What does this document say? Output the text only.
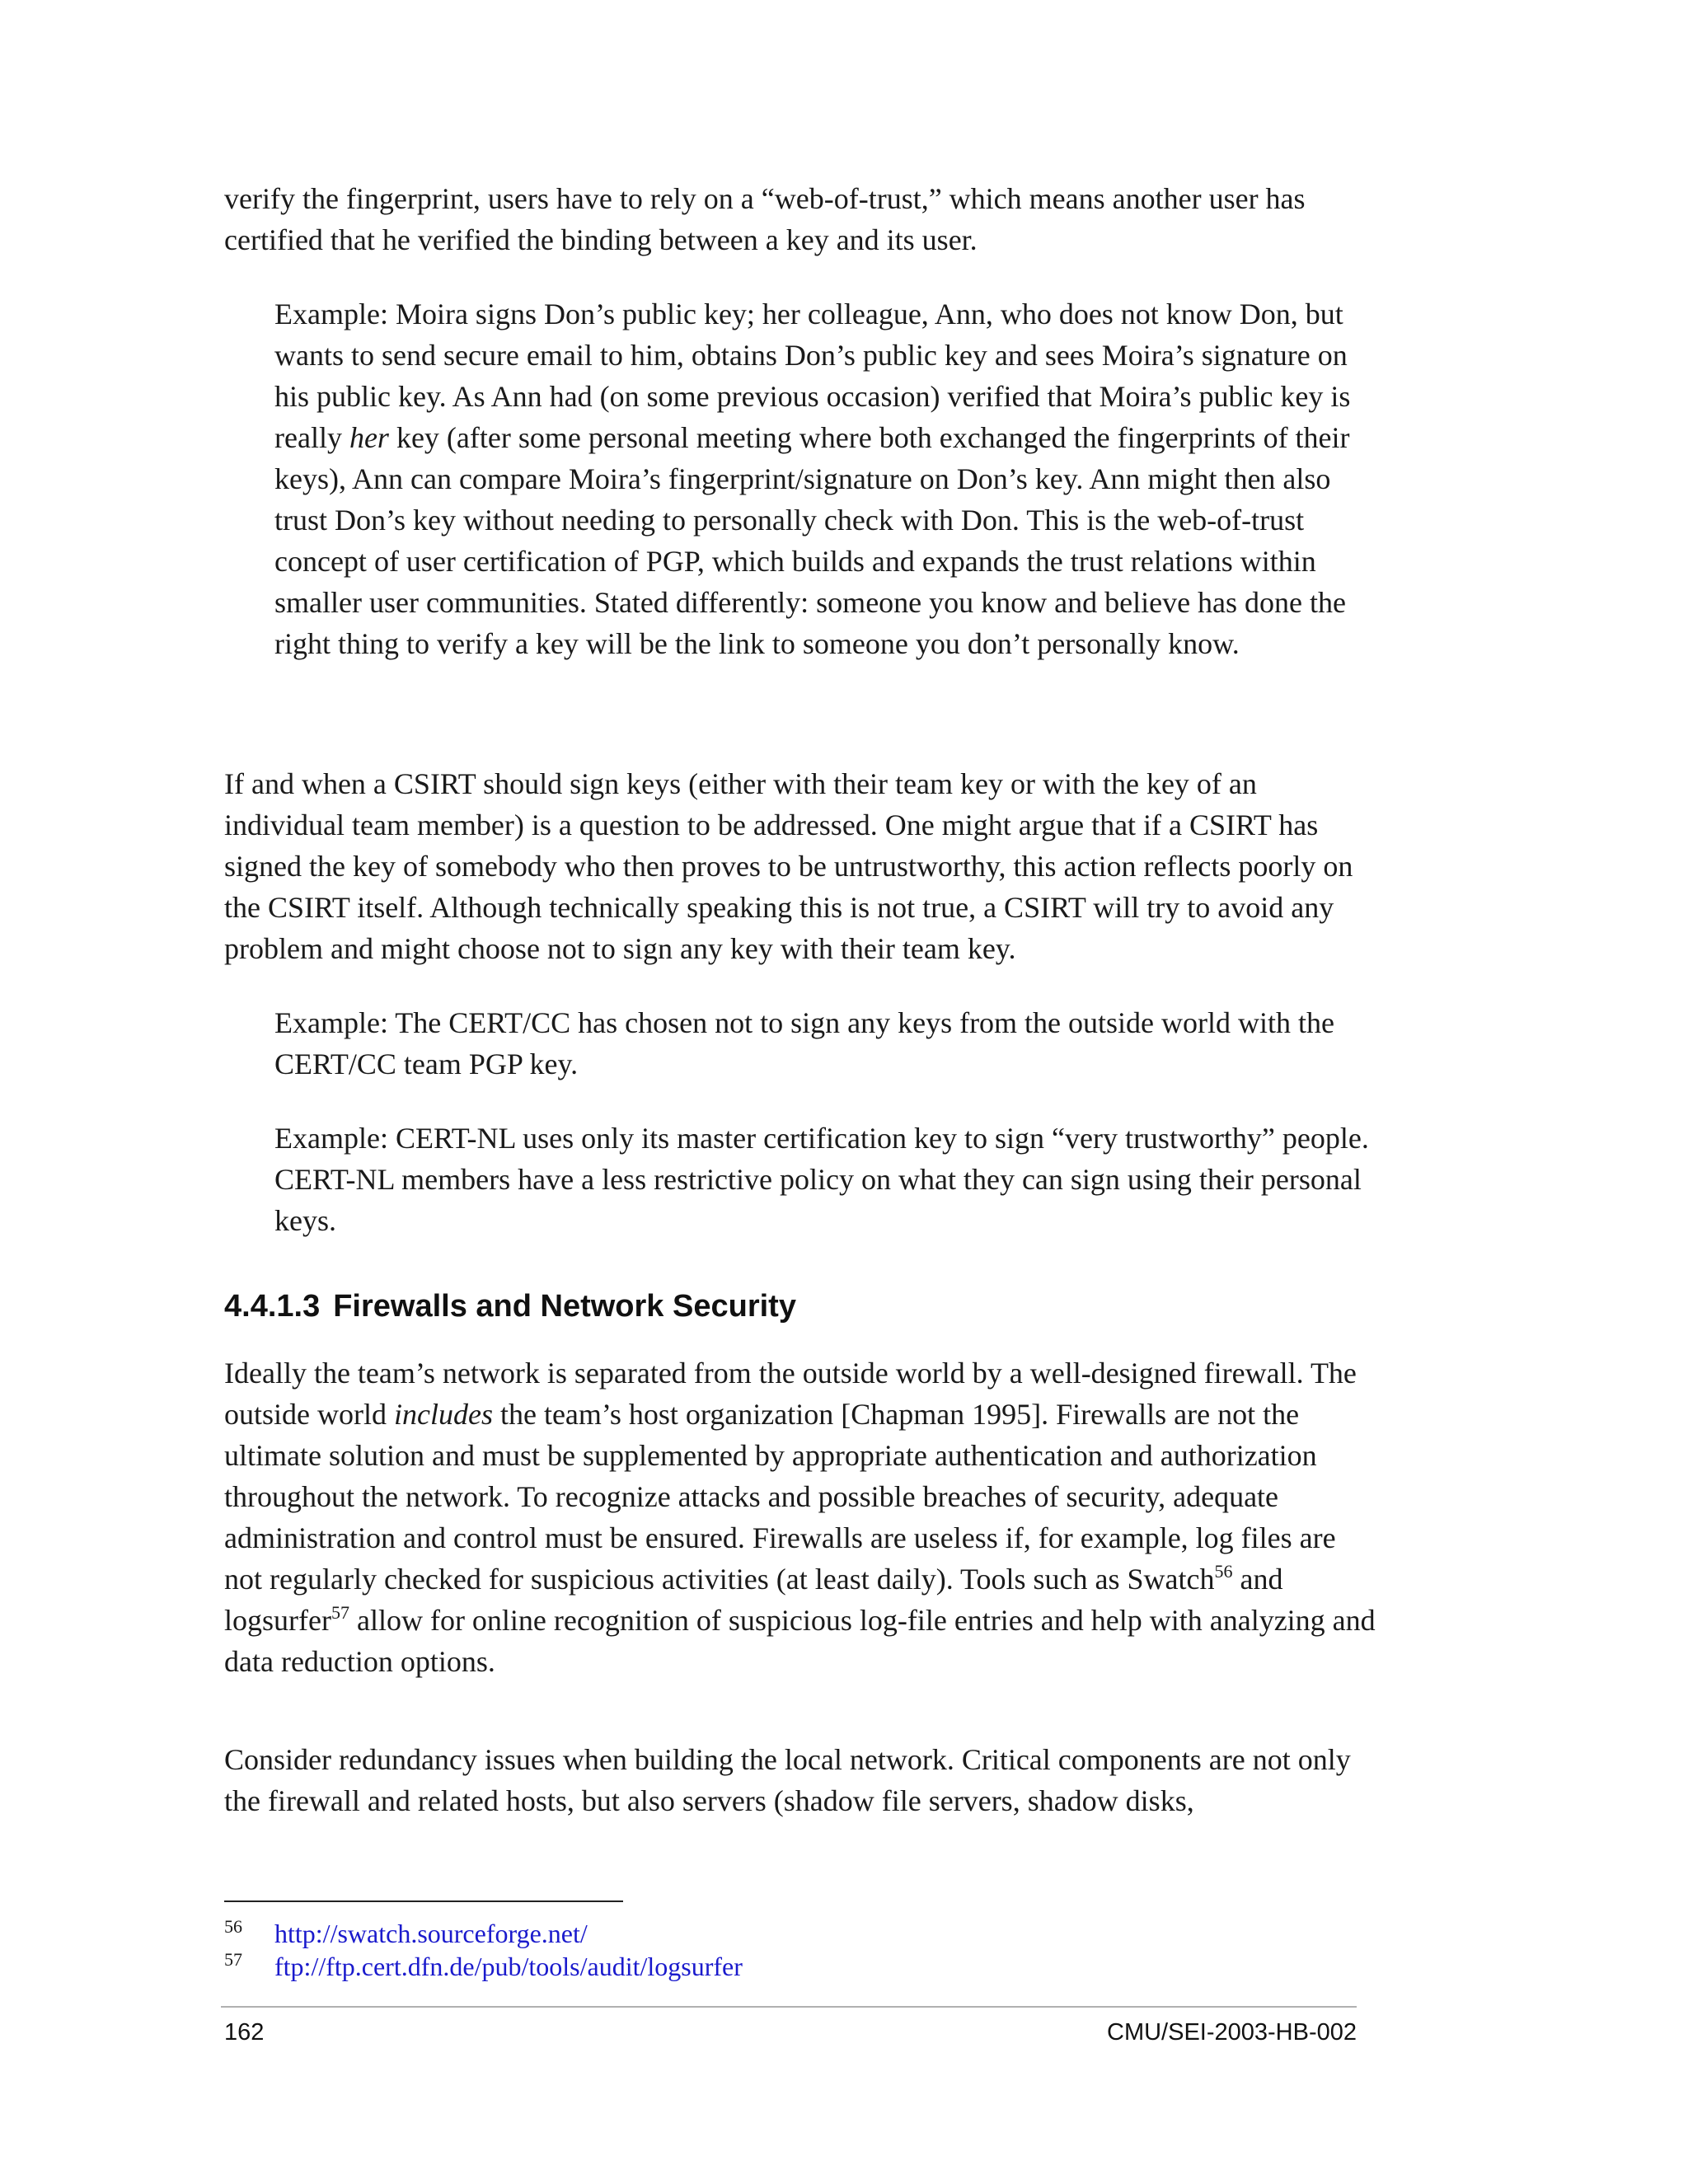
verify the fingerprint, users have to rely on a “web-of-trust,” which means another user has certified that he verified the binding between a key and its user.

Example: Moira signs Don’s public key; her colleague, Ann, who does not know Don, but wants to send secure email to him, obtains Don’s public key and sees Moira’s signature on his public key. As Ann had (on some previous occasion) verified that Moira’s public key is really her key (after some personal meeting where both exchanged the fingerprints of their keys), Ann can compare Moira’s fingerprint/signature on Don’s key. Ann might then also trust Don’s key without needing to personally check with Don. This is the web-of-trust concept of user certification of PGP, which builds and expands the trust relations within smaller user communities. Stated differently: someone you know and believe has done the right thing to verify a key will be the link to someone you don’t personally know.

If and when a CSIRT should sign keys (either with their team key or with the key of an individual team member) is a question to be addressed. One might argue that if a CSIRT has signed the key of somebody who then proves to be untrustworthy, this action reflects poorly on the CSIRT itself. Although technically speaking this is not true, a CSIRT will try to avoid any problem and might choose not to sign any key with their team key.

Example: The CERT/CC has chosen not to sign any keys from the outside world with the CERT/CC team PGP key.

Example: CERT-NL uses only its master certification key to sign “very trustworthy” people. CERT-NL members have a less restrictive policy on what they can sign using their personal keys.

4.4.1.3 Firewalls and Network Security

Ideally the team’s network is separated from the outside world by a well-designed firewall. The outside world includes the team’s host organization [Chapman 1995]. Firewalls are not the ultimate solution and must be supplemented by appropriate authentication and authorization throughout the network. To recognize attacks and possible breaches of security, adequate administration and control must be ensured. Firewalls are useless if, for example, log files are not regularly checked for suspicious activities (at least daily). Tools such as Swatch$^{56}$ and logsurfer$^{57}$ allow for online recognition of suspicious log-file entries and help with analyzing and data reduction options.

Consider redundancy issues when building the local network. Critical components are not only the firewall and related hosts, but also servers (shadow file servers, shadow disks,

56 http://swatch.sourceforge.net/

57 ftp://ftp.cert.dfn.de/pub/tools/audit/logsurfer

162	CMU/SEI-2003-HB-002
